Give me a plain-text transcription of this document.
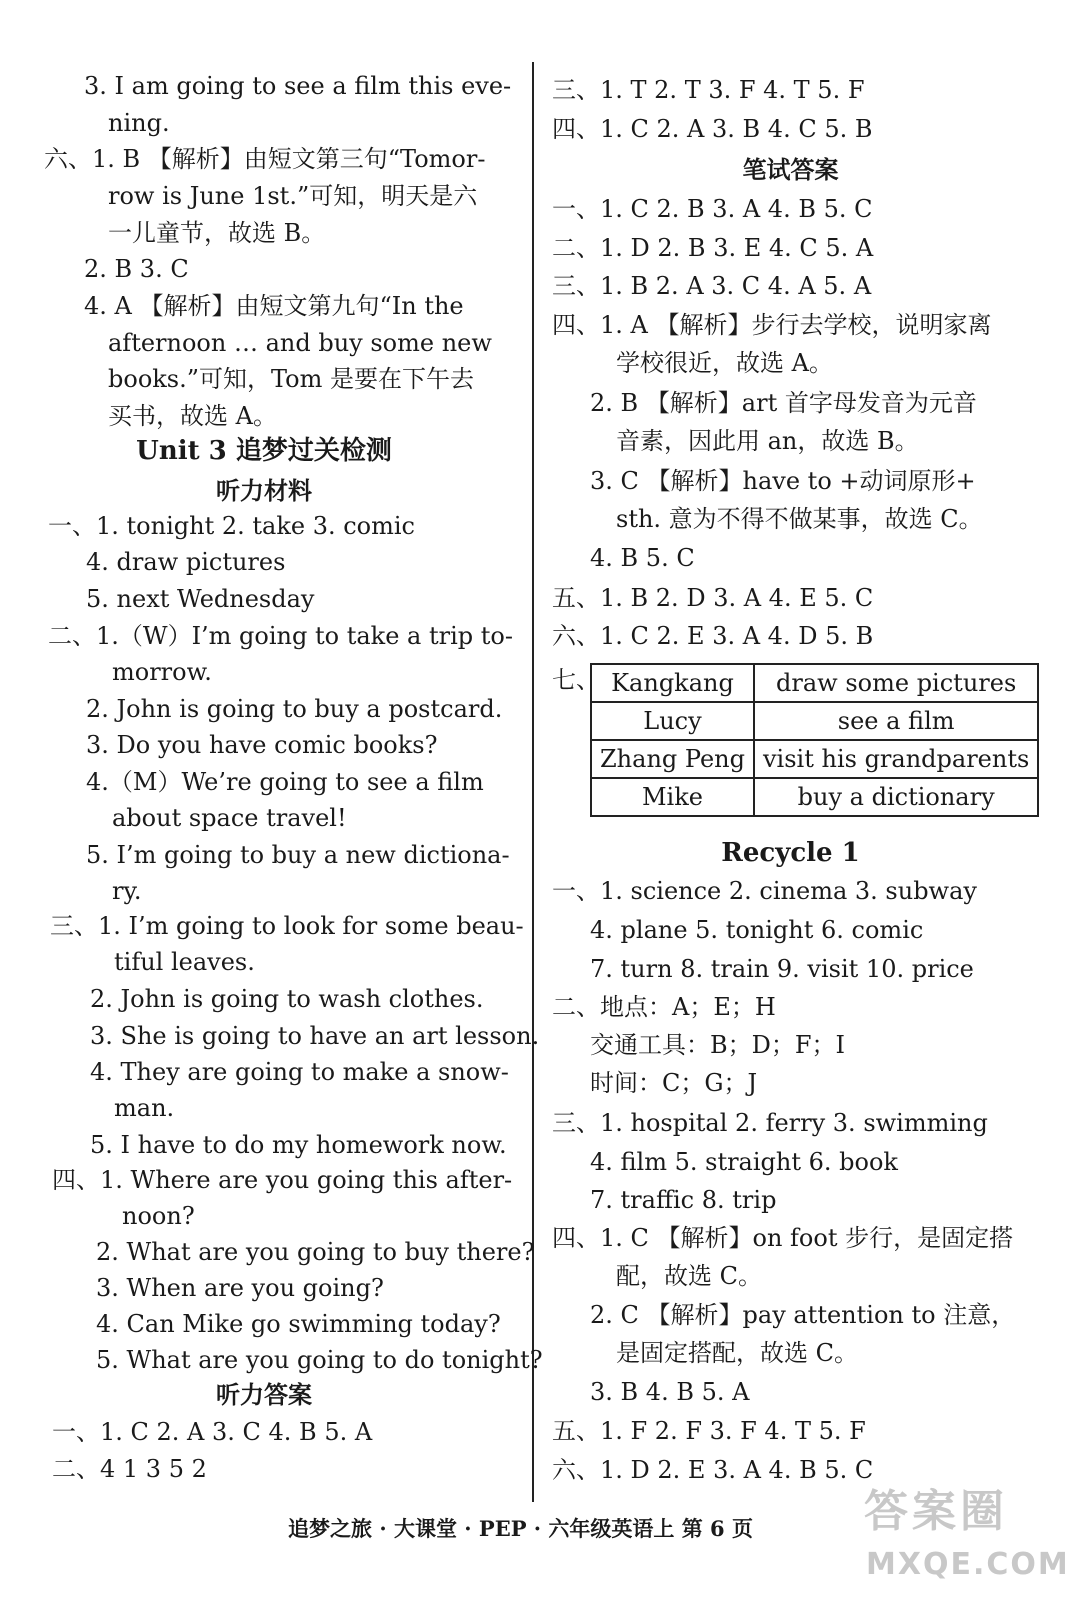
Unit 3 追梦过关检测
听力材料
听力答案
笔试答案
Recycle 1
七、 Kangkang	draw some pictures
Lucy	see a film
Zhang Peng	visit his grandparents
Mike	buy a dictionary
追梦之旅 · 大课堂 · PEP · 六年级英语上 第 6 页	答案圈
MXQE.COM
3. I am going to see a film this eve-
ning.
六、1. B 【解析】由短文第三句“Tomor-
row is June 1st.”可知，明天是六
一儿童节，故选 B。
2. B 3. C
4. A 【解析】由短文第九句“In the
afternoon … and buy some new
books.”可知，Tom 是要在下午去
买书，故选 A。
一、1. tonight 2. take 3. comic
4. draw pictures
5. next Wednesday
二、1.（W）I’m going to take a trip to-
morrow.
2. John is going to buy a postcard.
3. Do you have comic books?
4.（M）We’re going to see a film
about space travel!
5. I’m going to buy a new dictiona-
ry.
三、1. I’m going to look for some beau-
tiful leaves.
2. John is going to wash clothes.
3. She is going to have an art lesson.
4. They are going to make a snow-
man.
5. I have to do my homework now.
四、1. Where are you going this after-
noon?
2. What are you going to buy there?
3. When are you going?
4. Can Mike go swimming today?
5. What are you going to do tonight?
一、1. C 2. A 3. C 4. B 5. A
二、4 1 3 5 2
三、1. T 2. T 3. F 4. T 5. F
四、1. C 2. A 3. B 4. C 5. B
一、1. C 2. B 3. A 4. B 5. C
二、1. D 2. B 3. E 4. C 5. A
三、1. B 2. A 3. C 4. A 5. A
四、1. A 【解析】步行去学校，说明家离
学校很近，故选 A。
2. B 【解析】art 首字母发音为元音
音素，因此用 an，故选 B。
3. C 【解析】have to +动词原形+
sth. 意为不得不做某事，故选 C。
4. B 5. C
五、1. B 2. D 3. A 4. E 5. C
六、1. C 2. E 3. A 4. D 5. B
一、1. science 2. cinema 3. subway
4. plane 5. tonight 6. comic
7. turn 8. train 9. visit 10. price
二、地点：A；E；H
交通工具：B；D；F；I
时间：C；G；J
三、1. hospital 2. ferry 3. swimming
4. film 5. straight 6. book
7. traffic 8. trip
四、1. C 【解析】on foot 步行，是固定搭
配，故选 C。
2. C 【解析】pay attention to 注意，
是固定搭配，故选 C。
3. B 4. B 5. A
五、1. F 2. F 3. F 4. T 5. F
六、1. D 2. E 3. A 4. B 5. C
